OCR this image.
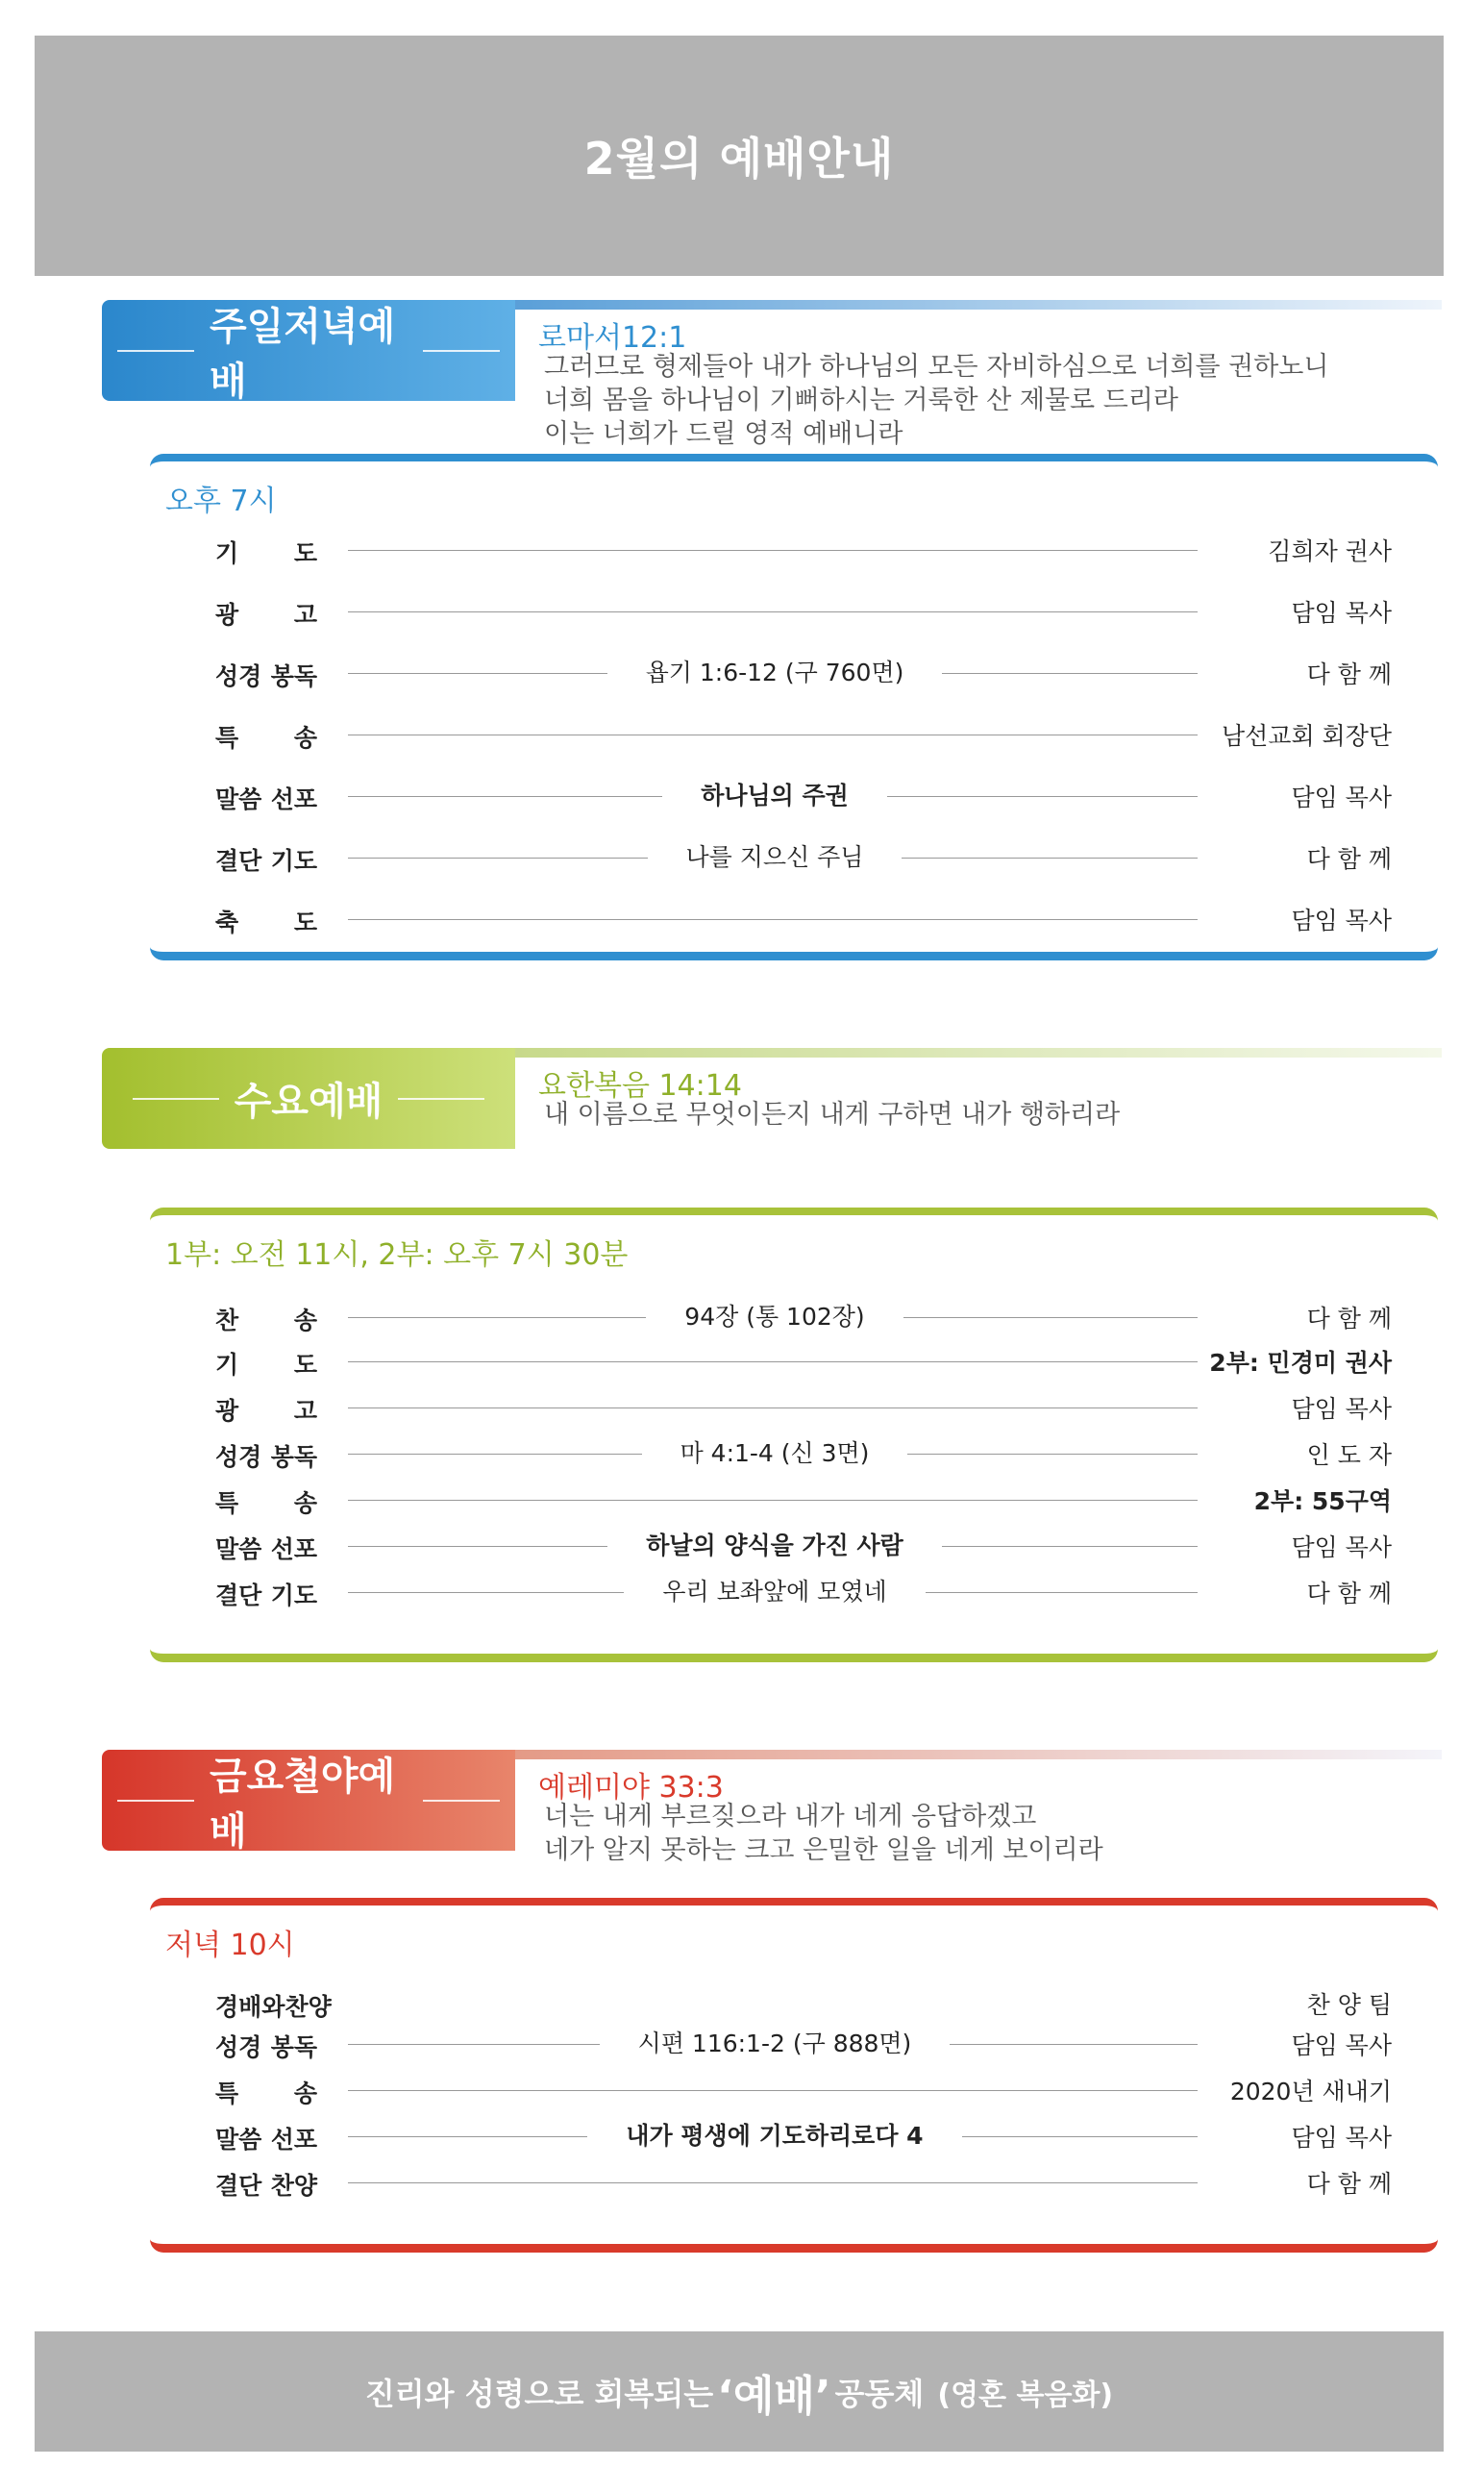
2월의 예배안내
주일저녁예배
로마서12:1
그러므로 형제들아 내가 하나님의 모든 자비하심으로 너희를 권하노니
너희 몸을 하나님이 기뻐하시는 거룩한 산 제물로 드리라
이는 너희가 드릴 영적 예배니라
오후 7시
기 도	김희자 권사
광 고	담임 목사
성경 봉독	욥기 1:6-12 (구 760면)	다 함 께
특 송	남선교회 회장단
말씀 선포	하나님의 주권	담임 목사
결단 기도	나를 지으신 주님	다 함 께
축 도	담임 목사
수요예배	요한복음 14:14
내 이름으로 무엇이든지 내게 구하면 내가 행하리라
1부: 오전 11시, 2부: 오후 7시 30분
찬 송	94장 (통 102장)	다 함 께
기 도	2부: 민경미 권사
광 고	담임 목사
성경 봉독	마 4:1-4 (신 3면)	인 도 자
특 송	2부: 55구역
말씀 선포	하날의 양식을 가진 사람	담임 목사
결단 기도	우리 보좌앞에 모였네	다 함 께
금요철야예배
예레미야 33:3
너는 내게 부르짖으라 내가 네게 응답하겠고
네가 알지 못하는 크고 은밀한 일을 네게 보이리라
저녁 10시
경배와찬양	찬 양 팀
성경 봉독	시편 116:1-2 (구 888면)	담임 목사
특 송	2020년 새내기
말씀 선포	내가 평생에 기도하리로다 4	담임 목사
결단 찬양	다 함 께
진리와 성령으로 회복되는 ‘예배’ 공동체 (영혼 복음화)
